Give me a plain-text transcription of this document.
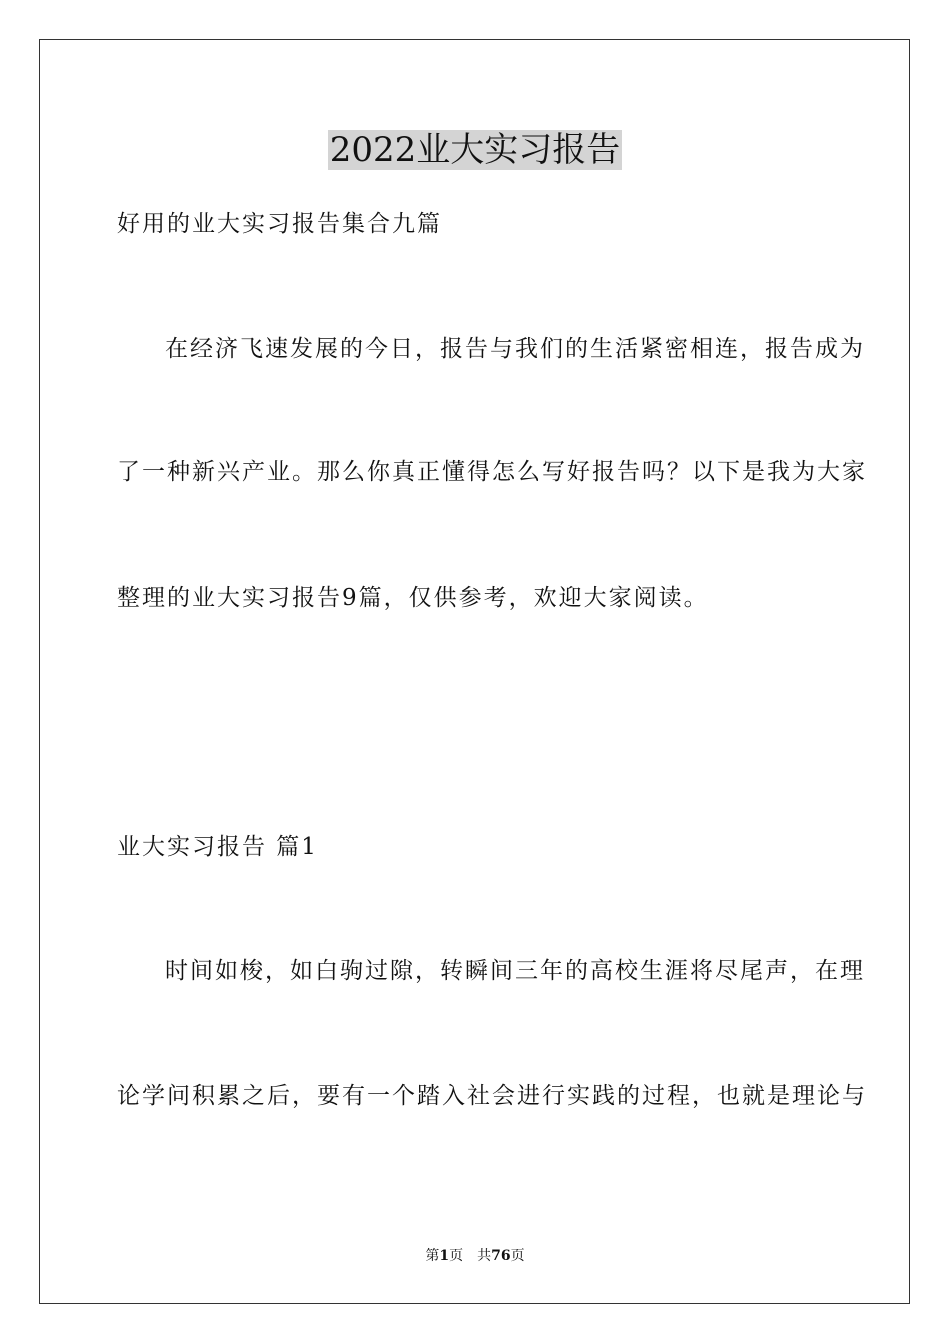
2022业大实习报告
好用的业大实习报告集合九篇
在经济飞速发展的今日，报告与我们的生活紧密相连，报告成为
了一种新兴产业。那么你真正懂得怎么写好报告吗？以下是我为大家
整理的业大实习报告9篇，仅供参考，欢迎大家阅读。
业大实习报告 篇1
时间如梭，如白驹过隙，转瞬间三年的高校生涯将尽尾声，在理
论学问积累之后，要有一个踏入社会进行实践的过程，也就是理论与
第1页 共76页
